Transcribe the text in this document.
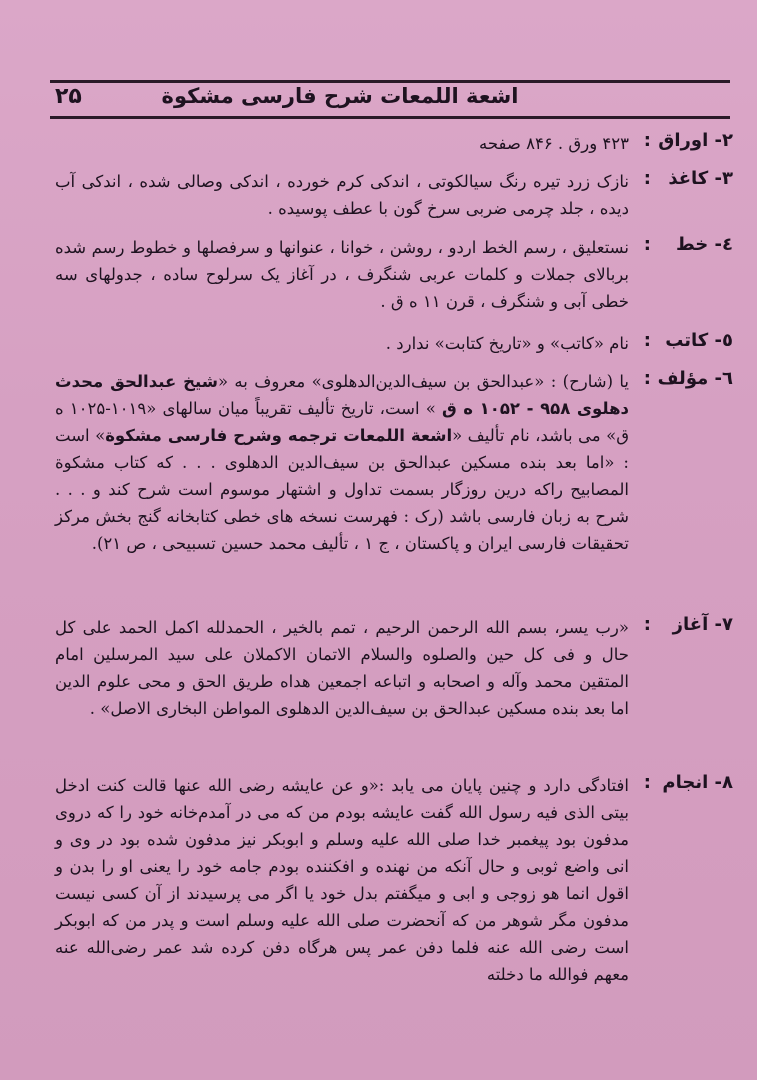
۲۵	اشعة اللمعات شرح فارسی مشکوة
۲- اوراق
:
۴۲۳ ورق . ۸۴۶ صفحه
۳- کاغذ
:
نازک زرد تیره رنگ سیالکوتی ، اندکی کرم خورده ، اندکی وصالی شده ، اندکی آب دیده ، جلد چرمی ضربی سرخ گون با عطف پوسیده .
٤- خط
:
نستعلیق ، رسم الخط اردو ، روشن ، خوانا ، عنوانها و سرفصلها و خطوط رسم شده بربالای جملات و کلمات عربی شنگرف ، در آغاز یک سرلوح ساده ، جدولهای سه خطی آبی و شنگرف ، قرن ۱۱ ه ق .
٥- کاتب
:
نام «کاتب» و «تاریخ کتابت» ندارد .
٦- مؤلف
:
یا (شارح) : «عبدالحق بن سیف‌الدین‌الدهلوی» معروف به «شیخ عبدالحق محدث دهلوی ۹۵۸ - ۱۰۵۲ ه ق » است، تاریخ تألیف تقریباً میان سالهای «۱۰۱۹-۱۰۲۵ ه ق» می باشد، نام تألیف «اشعة اللمعات ترجمه وشرح فارسی مشکوة» است : «اما بعد بنده مسکین عبدالحق بن سیف‌الدین الدهلوی . . . که کتاب مشکوة المصابیح راکه درین روزگار بسمت تداول و اشتهار موسوم است شرح کند و . . . شرح به زبان فارسی باشد (رک : فهرست نسخه های خطی کتابخانه گنج بخش مرکز تحقیقات فارسی ایران و پاکستان ، ج ۱ ، تألیف محمد حسین تسبیحی ، ص ۲۱).
۷- آغاز
:
«رب یسر، بسم الله الرحمن الرحیم ، تمم بالخیر ، الحمدلله اکمل الحمد علی کل حال و فی کل حین والصلوه والسلام الاتمان الاکملان علی سید المرسلین امام المتقین محمد وآله و اصحابه و اتباعه اجمعین هداه طریق الحق و محی علوم الدین اما بعد بنده مسکین عبدالحق بن سیف‌الدین الدهلوی المواطن البخاری الاصل» .
۸- انجام
:
افتادگی دارد و چنین پایان می یابد :«و عن عایشه رضی الله عنها قالت کنت ادخل بیتی الذی فیه رسول الله گفت عایشه بودم من که می در آمدم‌خانه خود را که دروی مدفون بود پیغمبر خدا صلی الله علیه وسلم و ابوبکر نیز مدفون شده بود در وی و انی واضع ثوبی و حال آنکه من نهنده و افکننده بودم جامه خود را یعنی او را بدن و اقول انما هو زوجی و ابی و میگفتم بدل خود یا اگر می پرسیدند از آن کسی نیست مدفون مگر شوهر من که آنحضرت صلی الله علیه وسلم است و پدر من که ابوبکر است رضی الله عنه فلما دفن عمر پس هرگاه دفن کرده شد عمر رضی‌الله عنه معهم فوالله ما دخلته
